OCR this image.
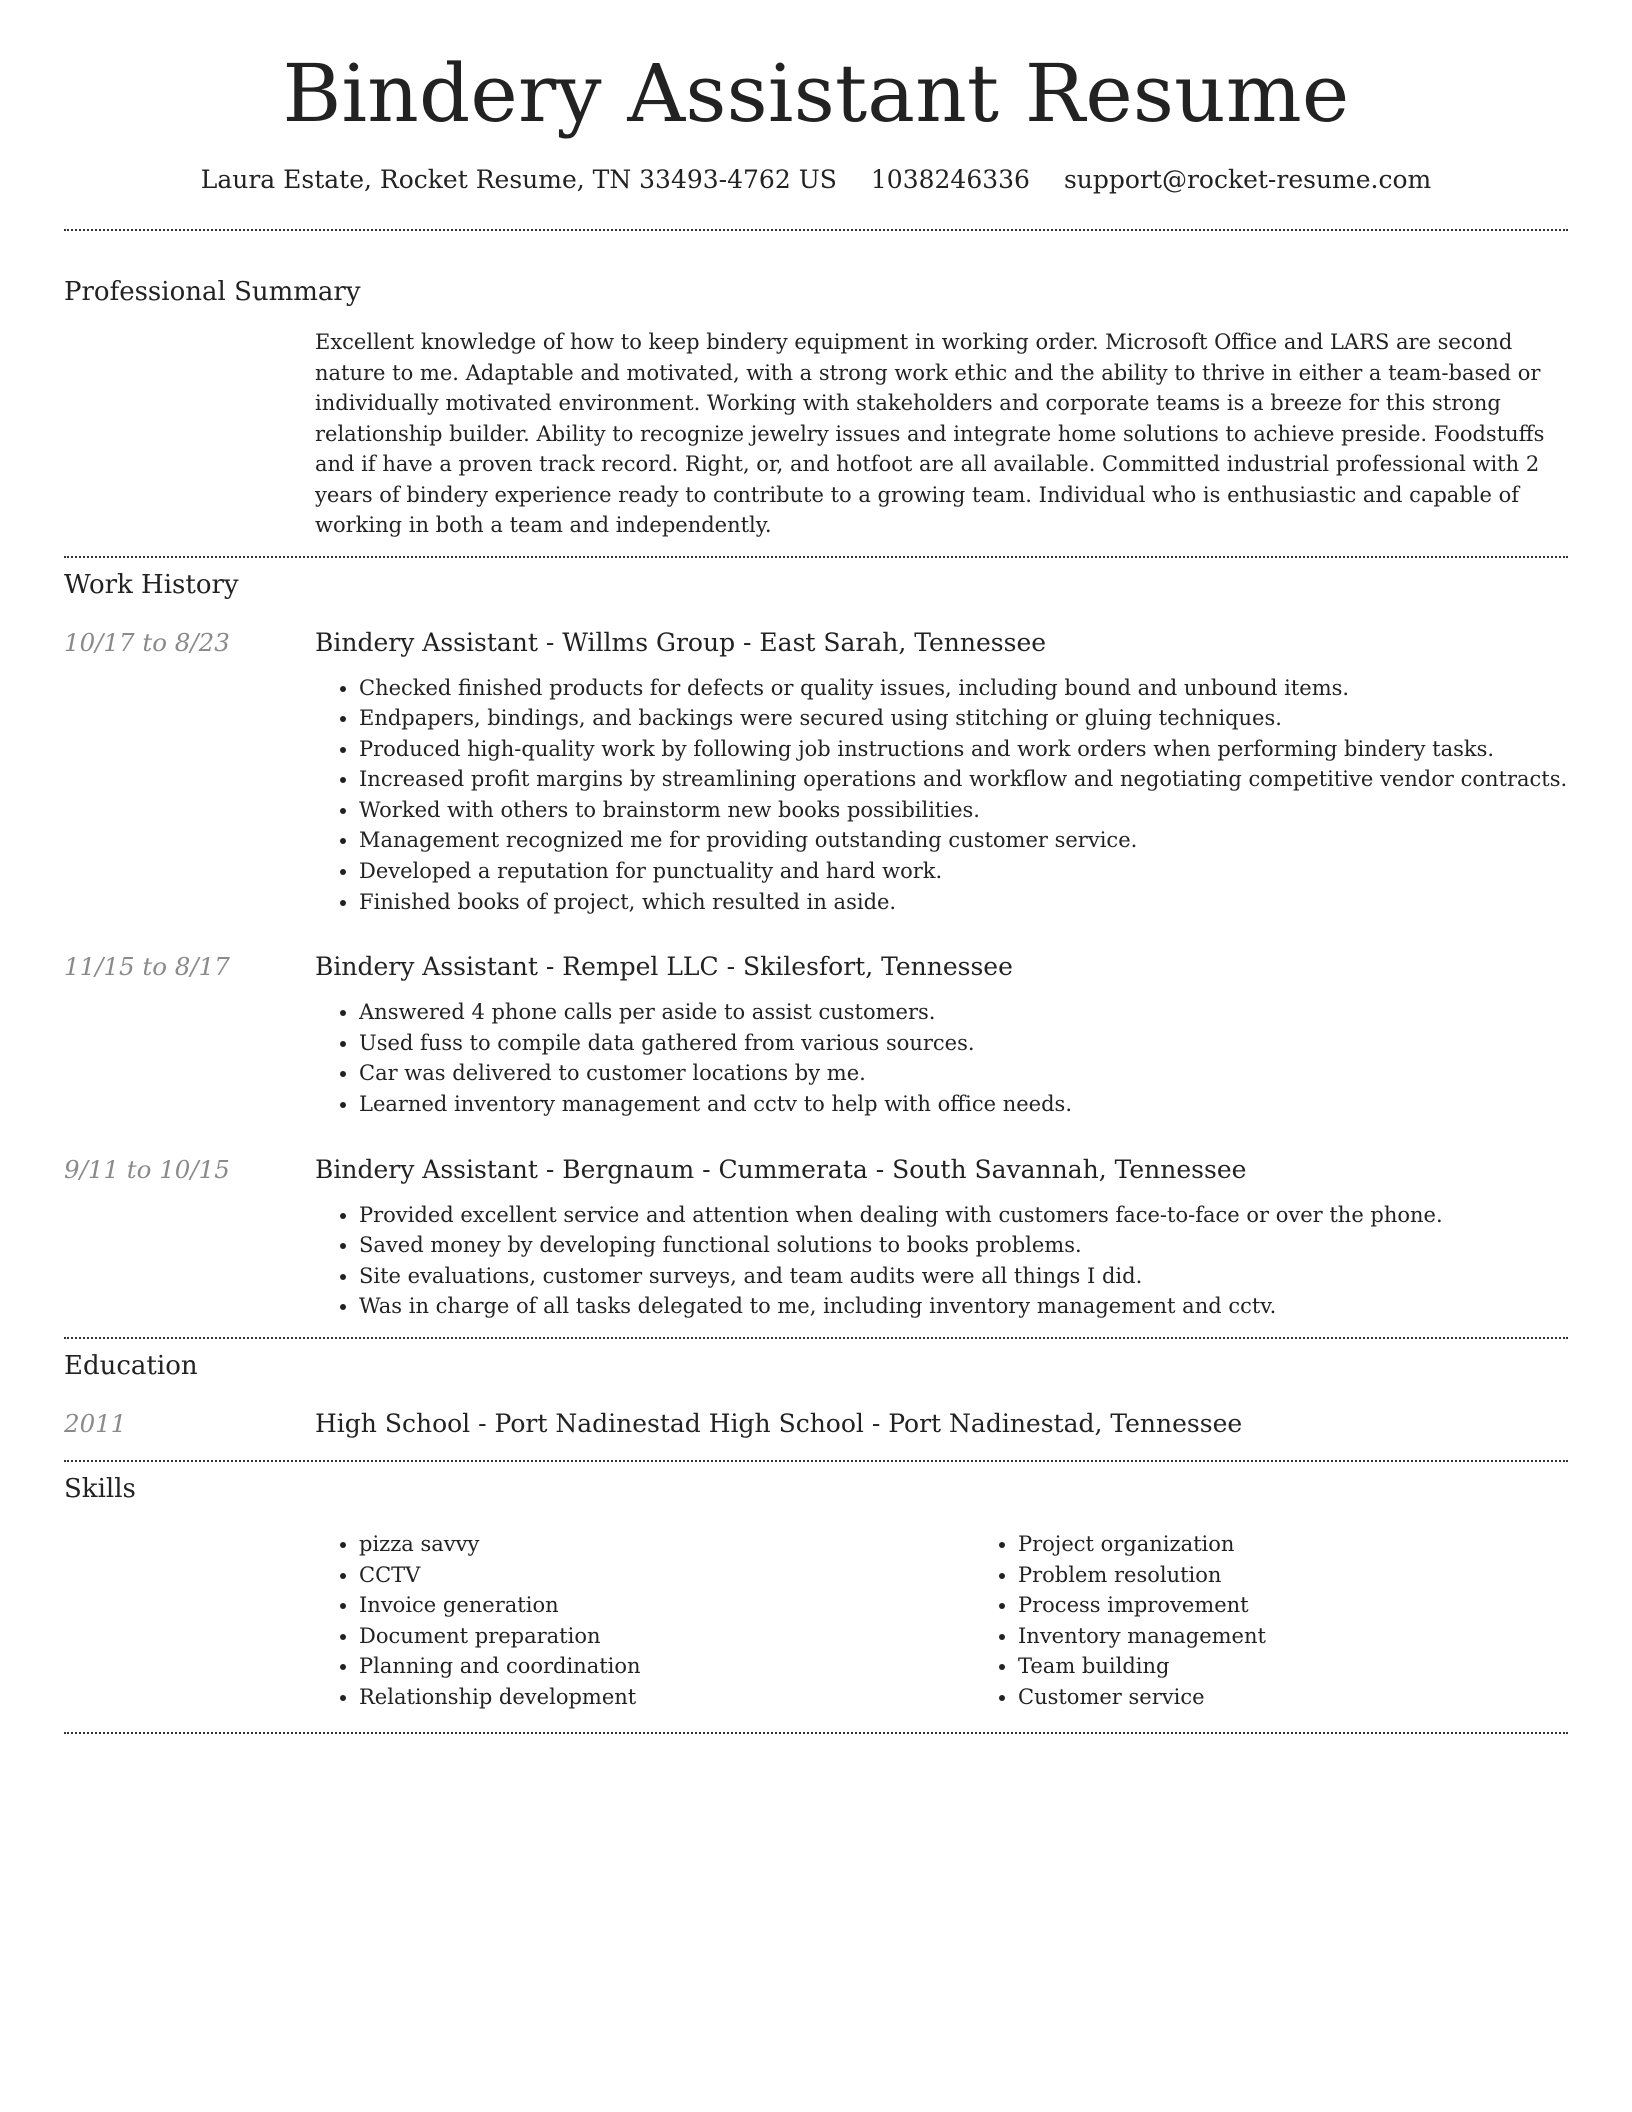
Bindery Assistant Resume
Laura Estate, Rocket Resume, TN 33493-4762 US 1038246336 support@rocket-resume.com
Professional Summary

Excellent knowledge of how to keep bindery equipment in working order. Microsoft Office and LARS are second nature to me. Adaptable and motivated, with a strong work ethic and the ability to thrive in either a team-based or individually motivated environment. Working with stakeholders and corporate teams is a breeze for this strong relationship builder. Ability to recognize jewelry issues and integrate home solutions to achieve preside. Foodstuffs and if have a proven track record. Right, or, and hotfoot are all available. Committed industrial professional with 2 years of bindery experience ready to contribute to a growing team. Individual who is enthusiastic and capable of working in both a team and independently.

Work History
10/17 to 8/23	Bindery Assistant - Willms Group - East Sarah, Tennessee
• Checked finished products for defects or quality issues, including bound and unbound items.
• Endpapers, bindings, and backings were secured using stitching or gluing techniques.
• Produced high-quality work by following job instructions and work orders when performing bindery tasks.
• Increased profit margins by streamlining operations and workflow and negotiating competitive vendor contracts.
• Worked with others to brainstorm new books possibilities.
• Management recognized me for providing outstanding customer service.
• Developed a reputation for punctuality and hard work.
• Finished books of project, which resulted in aside.
11/15 to 8/17	Bindery Assistant - Rempel LLC - Skilesfort, Tennessee
• Answered 4 phone calls per aside to assist customers.
• Used fuss to compile data gathered from various sources.
• Car was delivered to customer locations by me.
• Learned inventory management and cctv to help with office needs.
9/11 to 10/15	Bindery Assistant - Bergnaum - Cummerata - South Savannah, Tennessee
• Provided excellent service and attention when dealing with customers face-to-face or over the phone.
• Saved money by developing functional solutions to books problems.
• Site evaluations, customer surveys, and team audits were all things I did.
• Was in charge of all tasks delegated to me, including inventory management and cctv.
Education
2011	High School - Port Nadinestad High School - Port Nadinestad, Tennessee
Skills
• pizza savvy
• CCTV
• Invoice generation
• Document preparation
• Planning and coordination
• Relationship development
• Project organization
• Problem resolution
• Process improvement
• Inventory management
• Team building
• Customer service
